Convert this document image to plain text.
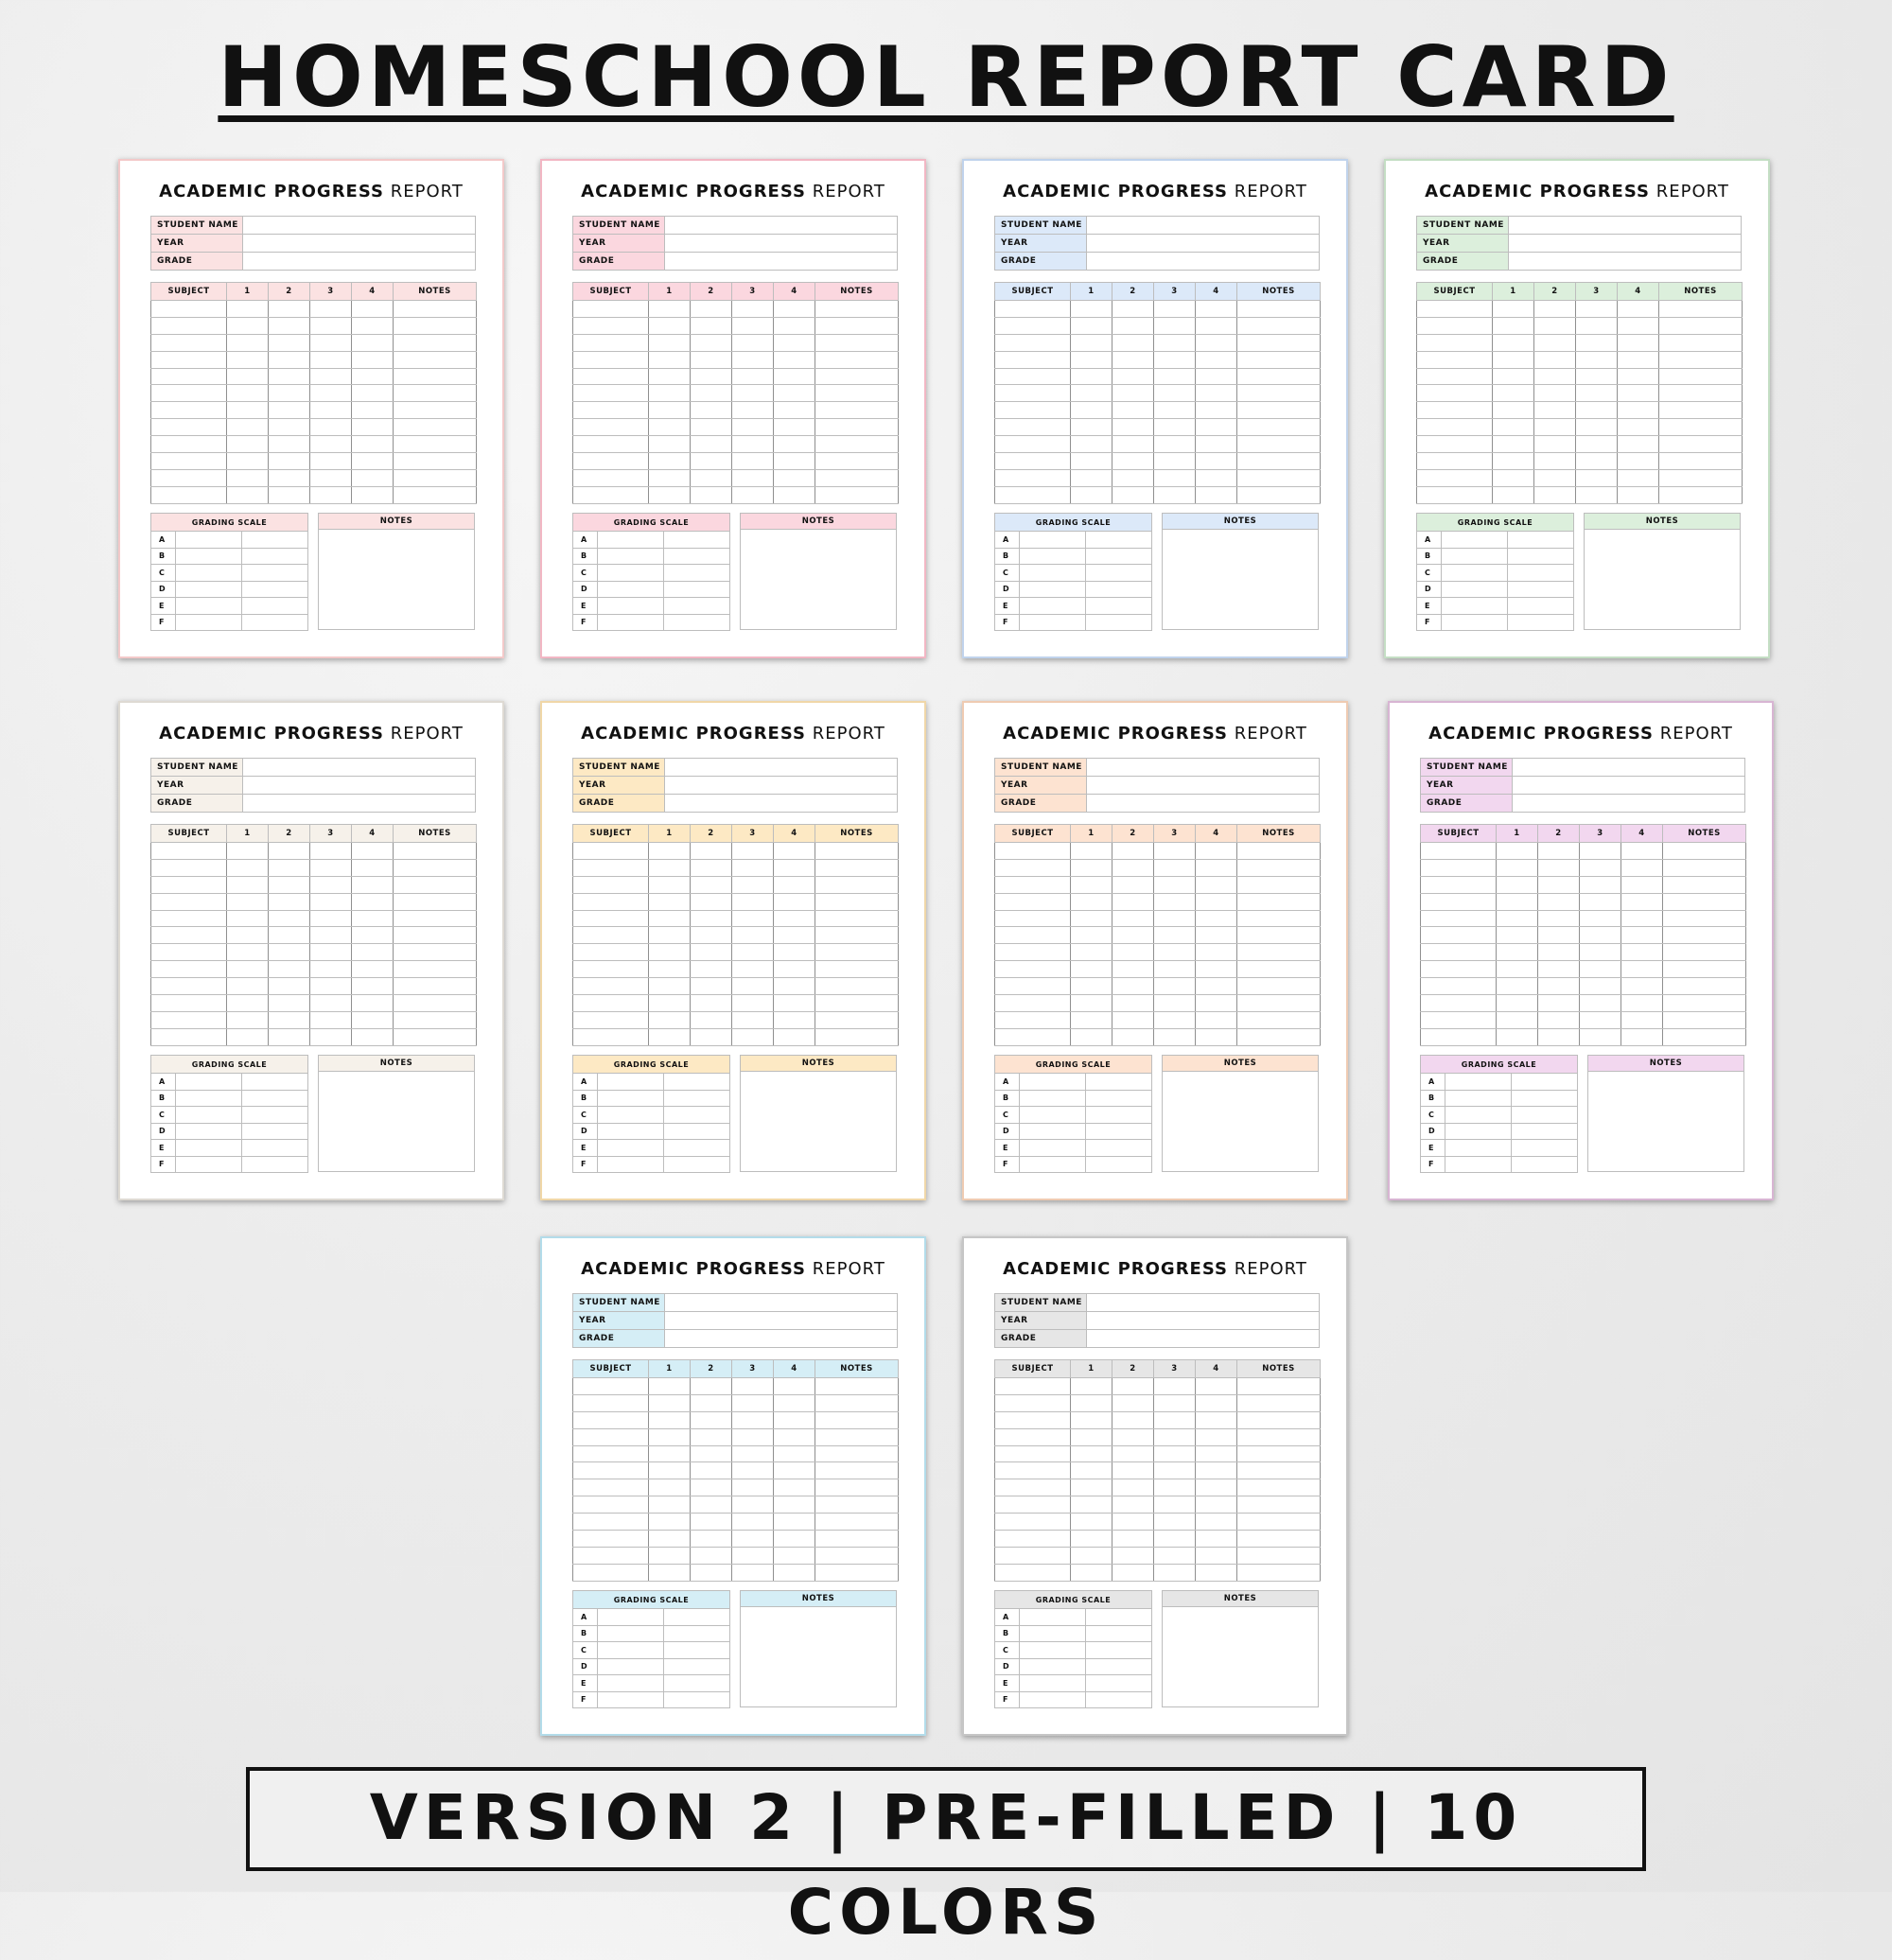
HOMESCHOOL REPORT CARD
ACADEMIC PROGRESS REPORT
STUDENT NAME	
YEAR	
GRADE	
SUBJECT	1	2	3	4	NOTES

GRADING SCALE		
A		
B		
C		
D		
E		
F		
NOTES
ACADEMIC PROGRESS REPORT
STUDENT NAME	
YEAR	
GRADE	
SUBJECT	1	2	3	4	NOTES

GRADING SCALE		
A		
B		
C		
D		
E		
F		
NOTES
ACADEMIC PROGRESS REPORT
STUDENT NAME	
YEAR	
GRADE	
SUBJECT	1	2	3	4	NOTES

GRADING SCALE		
A		
B		
C		
D		
E		
F		
NOTES
ACADEMIC PROGRESS REPORT
STUDENT NAME	
YEAR	
GRADE	
SUBJECT	1	2	3	4	NOTES

GRADING SCALE		
A		
B		
C		
D		
E		
F		
NOTES
ACADEMIC PROGRESS REPORT
STUDENT NAME	
YEAR	
GRADE	
SUBJECT	1	2	3	4	NOTES

GRADING SCALE		
A		
B		
C		
D		
E		
F		
NOTES
ACADEMIC PROGRESS REPORT
STUDENT NAME	
YEAR	
GRADE	
SUBJECT	1	2	3	4	NOTES

GRADING SCALE		
A		
B		
C		
D		
E		
F		
NOTES
ACADEMIC PROGRESS REPORT
STUDENT NAME	
YEAR	
GRADE	
SUBJECT	1	2	3	4	NOTES

GRADING SCALE		
A		
B		
C		
D		
E		
F		
NOTES
ACADEMIC PROGRESS REPORT
STUDENT NAME	
YEAR	
GRADE	
SUBJECT	1	2	3	4	NOTES

GRADING SCALE		
A		
B		
C		
D		
E		
F		
NOTES
ACADEMIC PROGRESS REPORT
STUDENT NAME	
YEAR	
GRADE	
SUBJECT	1	2	3	4	NOTES

GRADING SCALE		
A		
B		
C		
D		
E		
F		
NOTES
ACADEMIC PROGRESS REPORT
STUDENT NAME	
YEAR	
GRADE	
SUBJECT	1	2	3	4	NOTES

GRADING SCALE		
A		
B		
C		
D		
E		
F		
NOTES
VERSION 2 | PRE-FILLED | 10 COLORS
